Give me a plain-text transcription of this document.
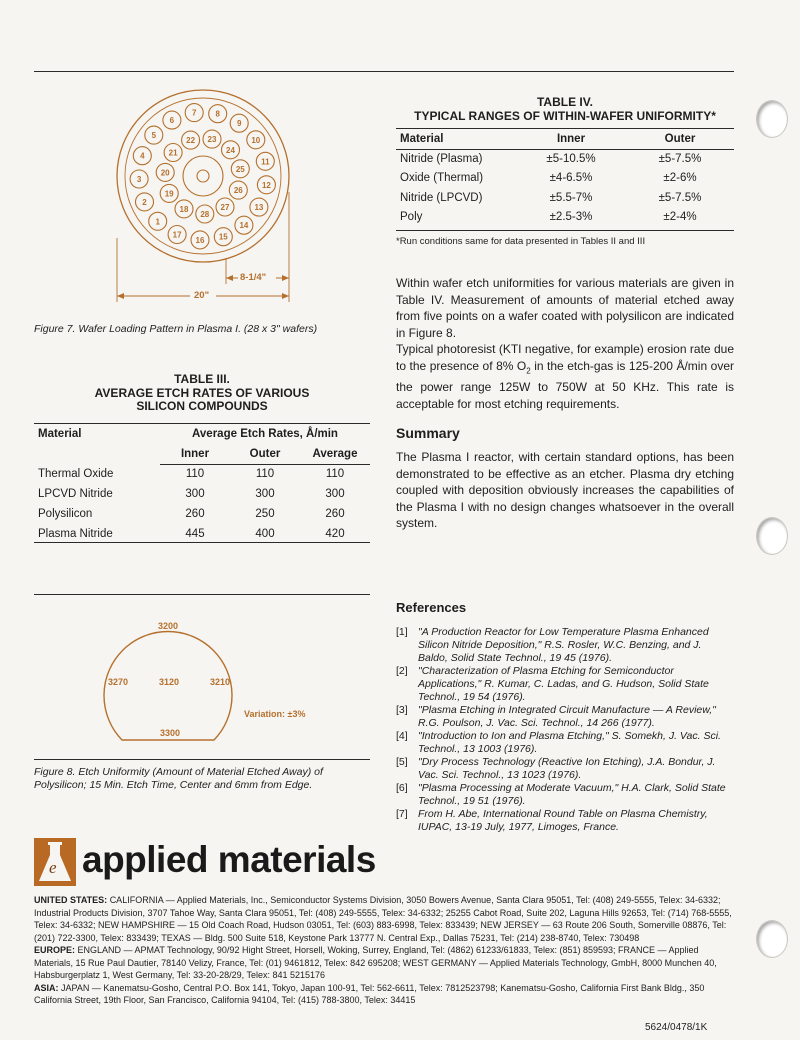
1
2
3
4
5
6
7 8
9
10
11
12
13
14
15
16
17
18
19
20
21
22 23
24
25
26
27
28
8-1/4"
20"
Figure 7. Wafer Loading Pattern in Plasma I. (28 x 3" wafers)
TABLE III.
AVERAGE ETCH RATES OF VARIOUS
SILICON COMPOUNDS
Material	Average Etch Rates, Å/min		
	Inner	Outer	Average
Thermal Oxide	110	110	110
LPCVD Nitride	300	300	300
Polysilicon	260	250	260
Plasma Nitride	445	400	420
TABLE IV.
TYPICAL RANGES OF WITHIN-WAFER UNIFORMITY*
Material	Inner	Outer
Nitride (Plasma)	±5-10.5%	±5-7.5%
Oxide (Thermal)	±4-6.5%	±2-6%
Nitride (LPCVD)	±5.5-7%	±5-7.5%
Poly	±2.5-3%	±2-4%
*Run conditions same for data presented in Tables II and III
Within wafer etch uniformities for various materials are given in Table IV. Measurement of amounts of material etched away from five points on a wafer coated with polysilicon are indicated in Figure 8.
Typical photoresist (KTI negative, for example) erosion rate due to the presence of 8% $O_2$ in the etch-gas is 125-200 Å/min over the power range 125W to 750W at 50 KHz. This rate is acceptable for most etching requirements.
Summary
The Plasma I reactor, with certain standard options, has been demonstrated to be effective as an etcher. Plasma dry etching coupled with deposition obviously increases the capabilities of the Plasma I with no design changes whatsoever in the overall system.
3200
3270	3120	3210
3300
Variation: ±3%
Figure 8. Etch Uniformity (Amount of Material Etched Away) of Polysilicon; 15 Min. Etch Time, Center and 6mm from Edge.
References
[1] "A Production Reactor for Low Temperature Plasma Enhanced Silicon Nitride Deposition," R.S. Rosler, W.C. Benzing, and J. Baldo, Solid State Technol., 19 45 (1976).
[2] "Characterization of Plasma Etching for Semiconductor Applications," R. Kumar, C. Ladas, and G. Hudson, Solid State Technol., 19 54 (1976).
[3] "Plasma Etching in Integrated Circuit Manufacture — A Review," R.G. Poulson, J. Vac. Sci. Technol., 14 266 (1977).
[4] "Introduction to Ion and Plasma Etching," S. Somekh, J. Vac. Sci. Technol., 13 1003 (1976).
[5] "Dry Process Technology (Reactive Ion Etching), J.A. Bondur, J. Vac. Sci. Technol., 13 1023 (1976).
[6] "Plasma Processing at Moderate Vacuum," H.A. Clark, Solid State Technol., 19 51 (1976).
[7] From H. Abe, International Round Table on Plasma Chemistry, IUPAC, 13-19 July, 1977, Limoges, France.
e applied materials
UNITED STATES: CALIFORNIA — Applied Materials, Inc., Semiconductor Systems Division, 3050 Bowers Avenue, Santa Clara 95051, Tel: (408) 249-5555, Telex: 34-6332; Industrial Products Division, 3707 Tahoe Way, Santa Clara 95051, Tel: (408) 249-5555, Telex: 34-6332; 25255 Cabot Road, Suite 202, Laguna Hills 92653, Tel: (714) 768-5555, Telex: 34-6332; NEW HAMPSHIRE — 15 Old Coach Road, Hudson 03051, Tel: (603) 883-6998, Telex: 833439; NEW JERSEY — 63 Route 206 South, Somerville 08876, Tel: (201) 722-3300, Telex: 833439; TEXAS — Bldg. 500 Suite 518, Keystone Park 13777 N. Central Exp., Dallas 75231, Tel: (214) 238-8740, Telex: 730498
EUROPE: ENGLAND — APMAT Technology, 90/92 Hight Street, Horsell, Woking, Surrey, England, Tel: (4862) 61233/61833, Telex: (851) 859593; FRANCE — Applied Materials, 15 Rue Paul Dautier, 78140 Velizy, France, Tel: (01) 9461812, Telex: 842 695208; WEST GERMANY — Applied Materials Technology, GmbH, 8000 Munchen 40, Habsburgerplatz 1, West Germany, Tel: 33-20-28/29, Telex: 841 5215176
ASIA: JAPAN — Kanematsu-Gosho, Central P.O. Box 141, Tokyo, Japan 100-91, Tel: 562-6611, Telex: 7812523798; Kanematsu-Gosho, California First Bank Bldg., 350 California Street, 19th Floor, San Francisco, California 94104, Tel: (415) 788-3800, Telex: 34415
5624/0478/1K
